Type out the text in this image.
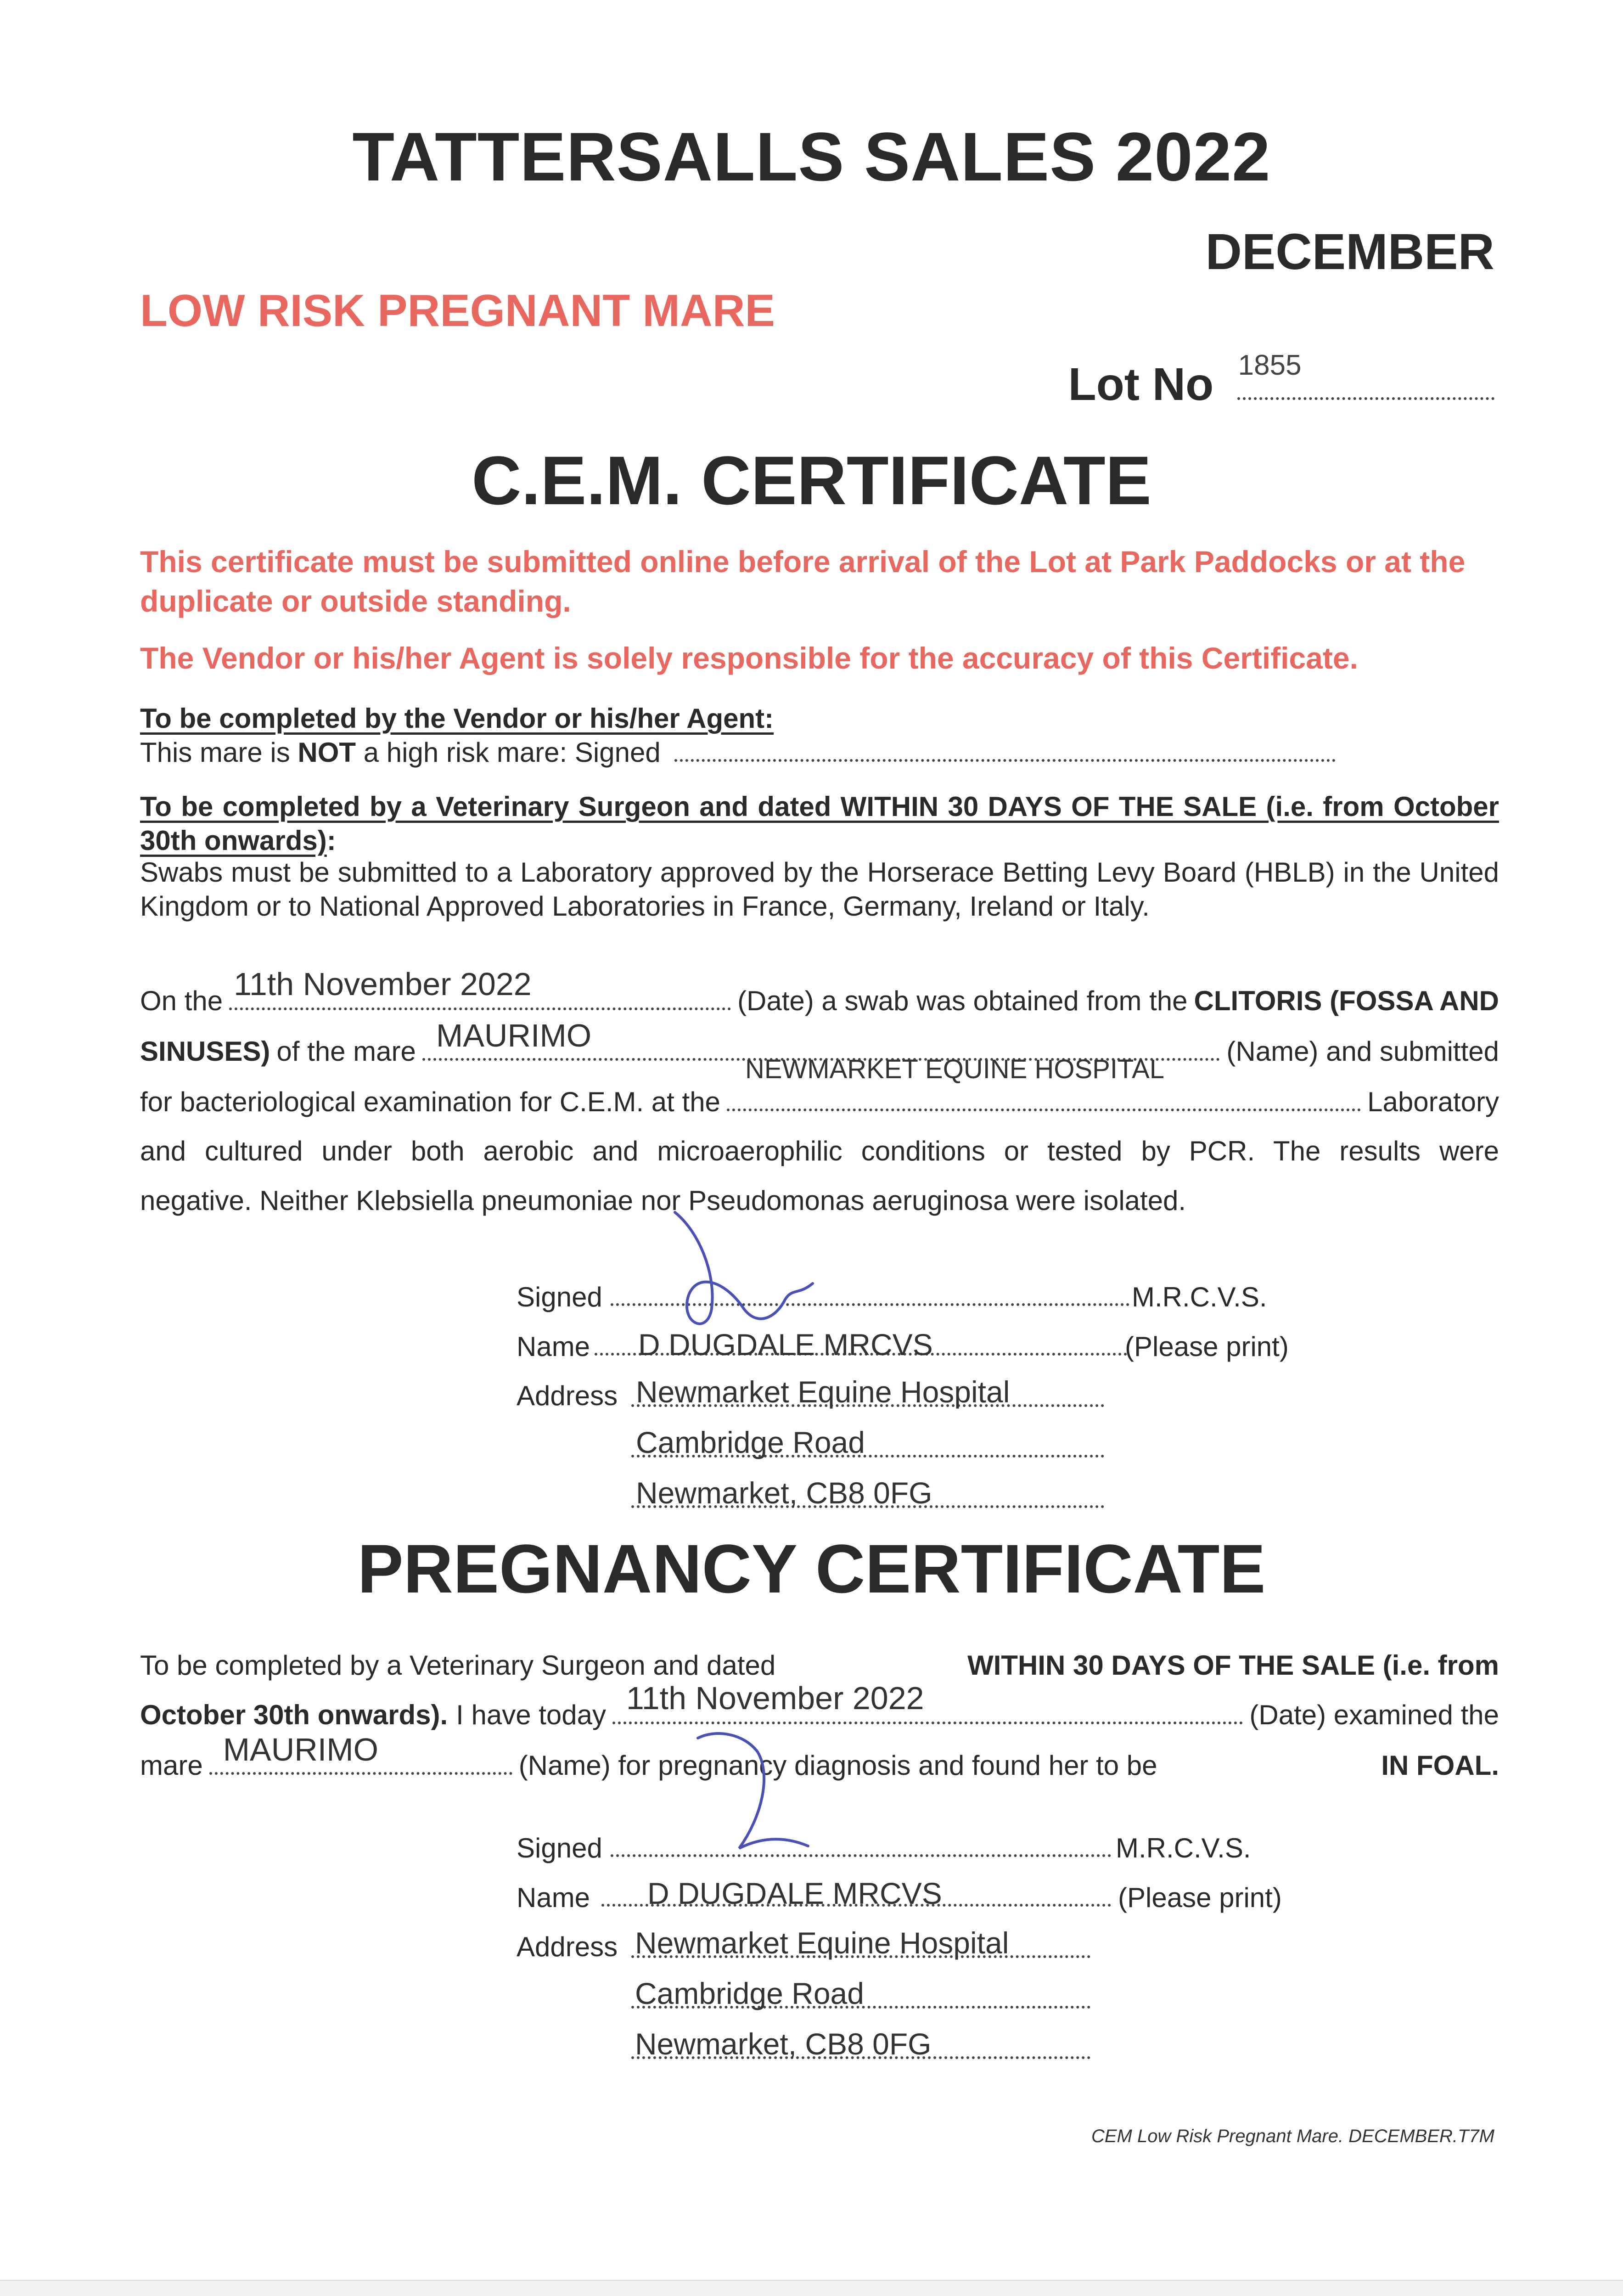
TATTERSALLS SALES 2022
DECEMBER
LOW RISK PREGNANT MARE
Lot No 1855
C.E.M. CERTIFICATE
This certificate must be submitted online before arrival of the Lot at Park Paddocks or at the duplicate or outside standing.
The Vendor or his/her Agent is solely responsible for the accuracy of this Certificate.
To be completed by the Vendor or his/her Agent:
This mare is NOT a high risk mare: Signed
To be completed by a Veterinary Surgeon and dated WITHIN 30 DAYS OF THE SALE (i.e. from October 30th onwards):
Swabs must be submitted to a Laboratory approved by the Horserace Betting Levy Board (HBLB) in the United Kingdom or to National Approved Laboratories in France, Germany, Ireland or Italy.
On the 11th November 2022	(Date) a swab was obtained from the CLITORIS (FOSSA AND
SINUSES) of the mare MAURIMO	(Name) and submitted
for bacteriological examination for C.E.M. at the
NEWMARKET EQUINE HOSPITAL
Laboratory
and cultured under both aerobic and microaerophilic conditions or tested by PCR. The results were
negative. Neither Klebsiella pneumoniae nor Pseudomonas aeruginosa were isolated.
Signed	M.R.C.V.S.
Name D DUGDALE MRCVS	(Please print)
Address Newmarket Equine Hospital
Cambridge Road
Newmarket, CB8 0FG
PREGNANCY CERTIFICATE
To be completed by a Veterinary Surgeon and dated	WITHIN 30 DAYS OF THE SALE (i.e. from
October 30th onwards). I have today 11th November 2022	(Date) examined the
mare MAURIMO	(Name) for pregnancy diagnosis and found her to be	IN FOAL.
Signed	M.R.C.V.S.
Name D DUGDALE MRCVS	(Please print)
Address Newmarket Equine Hospital
Cambridge Road
Newmarket, CB8 0FG
CEM Low Risk Pregnant Mare. DECEMBER.T7M
